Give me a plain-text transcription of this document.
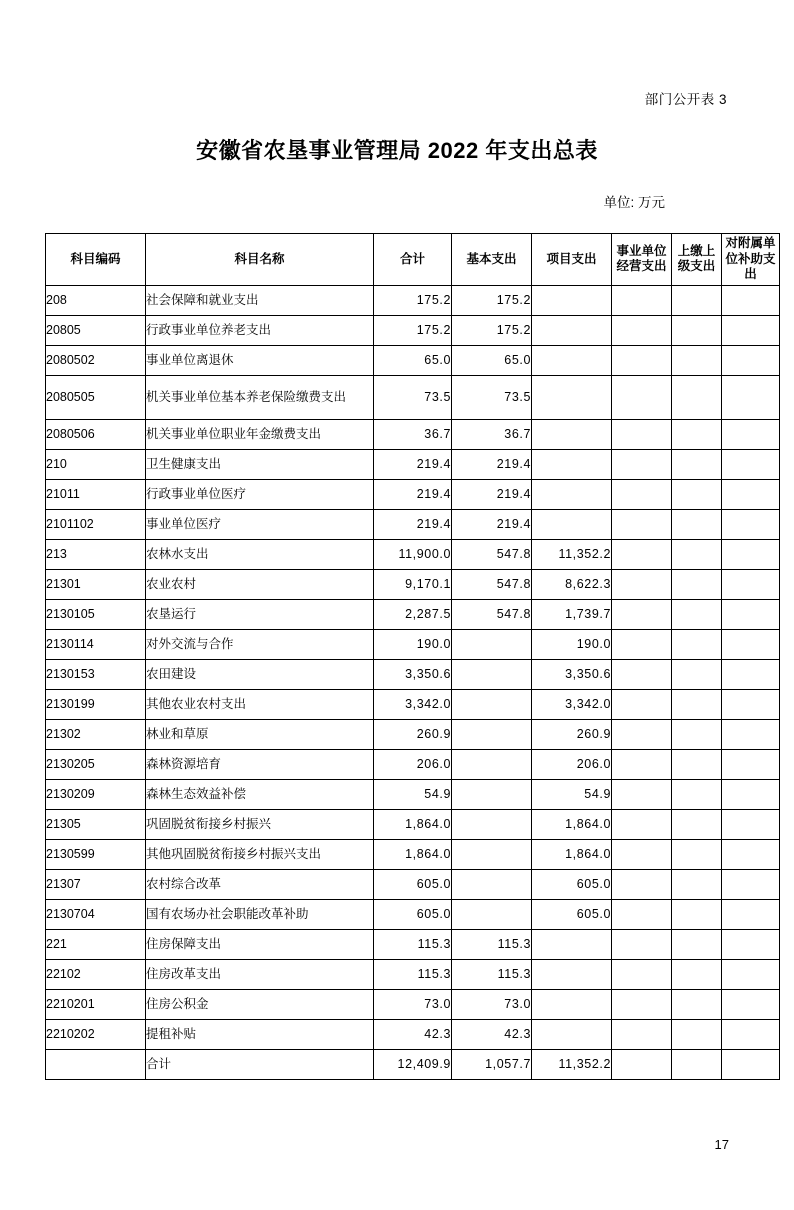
部门公开表 3
安徽省农垦事业管理局 2022 年支出总表
单位: 万元
科目编码	科目名称	合计	基本支出	项目支出	事业单位经营支出	上缴上级支出	对附属单位补助支出
208	社会保障和就业支出	175.2	175.2				
20805	行政事业单位养老支出	175.2	175.2				
2080502	事业单位离退休	65.0	65.0				
2080505	机关事业单位基本养老保险缴费支出	73.5	73.5				
2080506	机关事业单位职业年金缴费支出	36.7	36.7				
210	卫生健康支出	219.4	219.4				
21011	行政事业单位医疗	219.4	219.4				
2101102	事业单位医疗	219.4	219.4				
213	农林水支出	11,900.0	547.8	11,352.2			
21301	农业农村	9,170.1	547.8	8,622.3			
2130105	农垦运行	2,287.5	547.8	1,739.7			
2130114	对外交流与合作	190.0		190.0			
2130153	农田建设	3,350.6		3,350.6			
2130199	其他农业农村支出	3,342.0		3,342.0			
21302	林业和草原	260.9		260.9			
2130205	森林资源培育	206.0		206.0			
2130209	森林生态效益补偿	54.9		54.9			
21305	巩固脱贫衔接乡村振兴	1,864.0		1,864.0			
2130599	其他巩固脱贫衔接乡村振兴支出	1,864.0		1,864.0			
21307	农村综合改革	605.0		605.0			
2130704	国有农场办社会职能改革补助	605.0		605.0			
221	住房保障支出	115.3	115.3				
22102	住房改革支出	115.3	115.3				
2210201	住房公积金	73.0	73.0				
2210202	提租补贴	42.3	42.3				
	合计	12,409.9	1,057.7	11,352.2			
17
